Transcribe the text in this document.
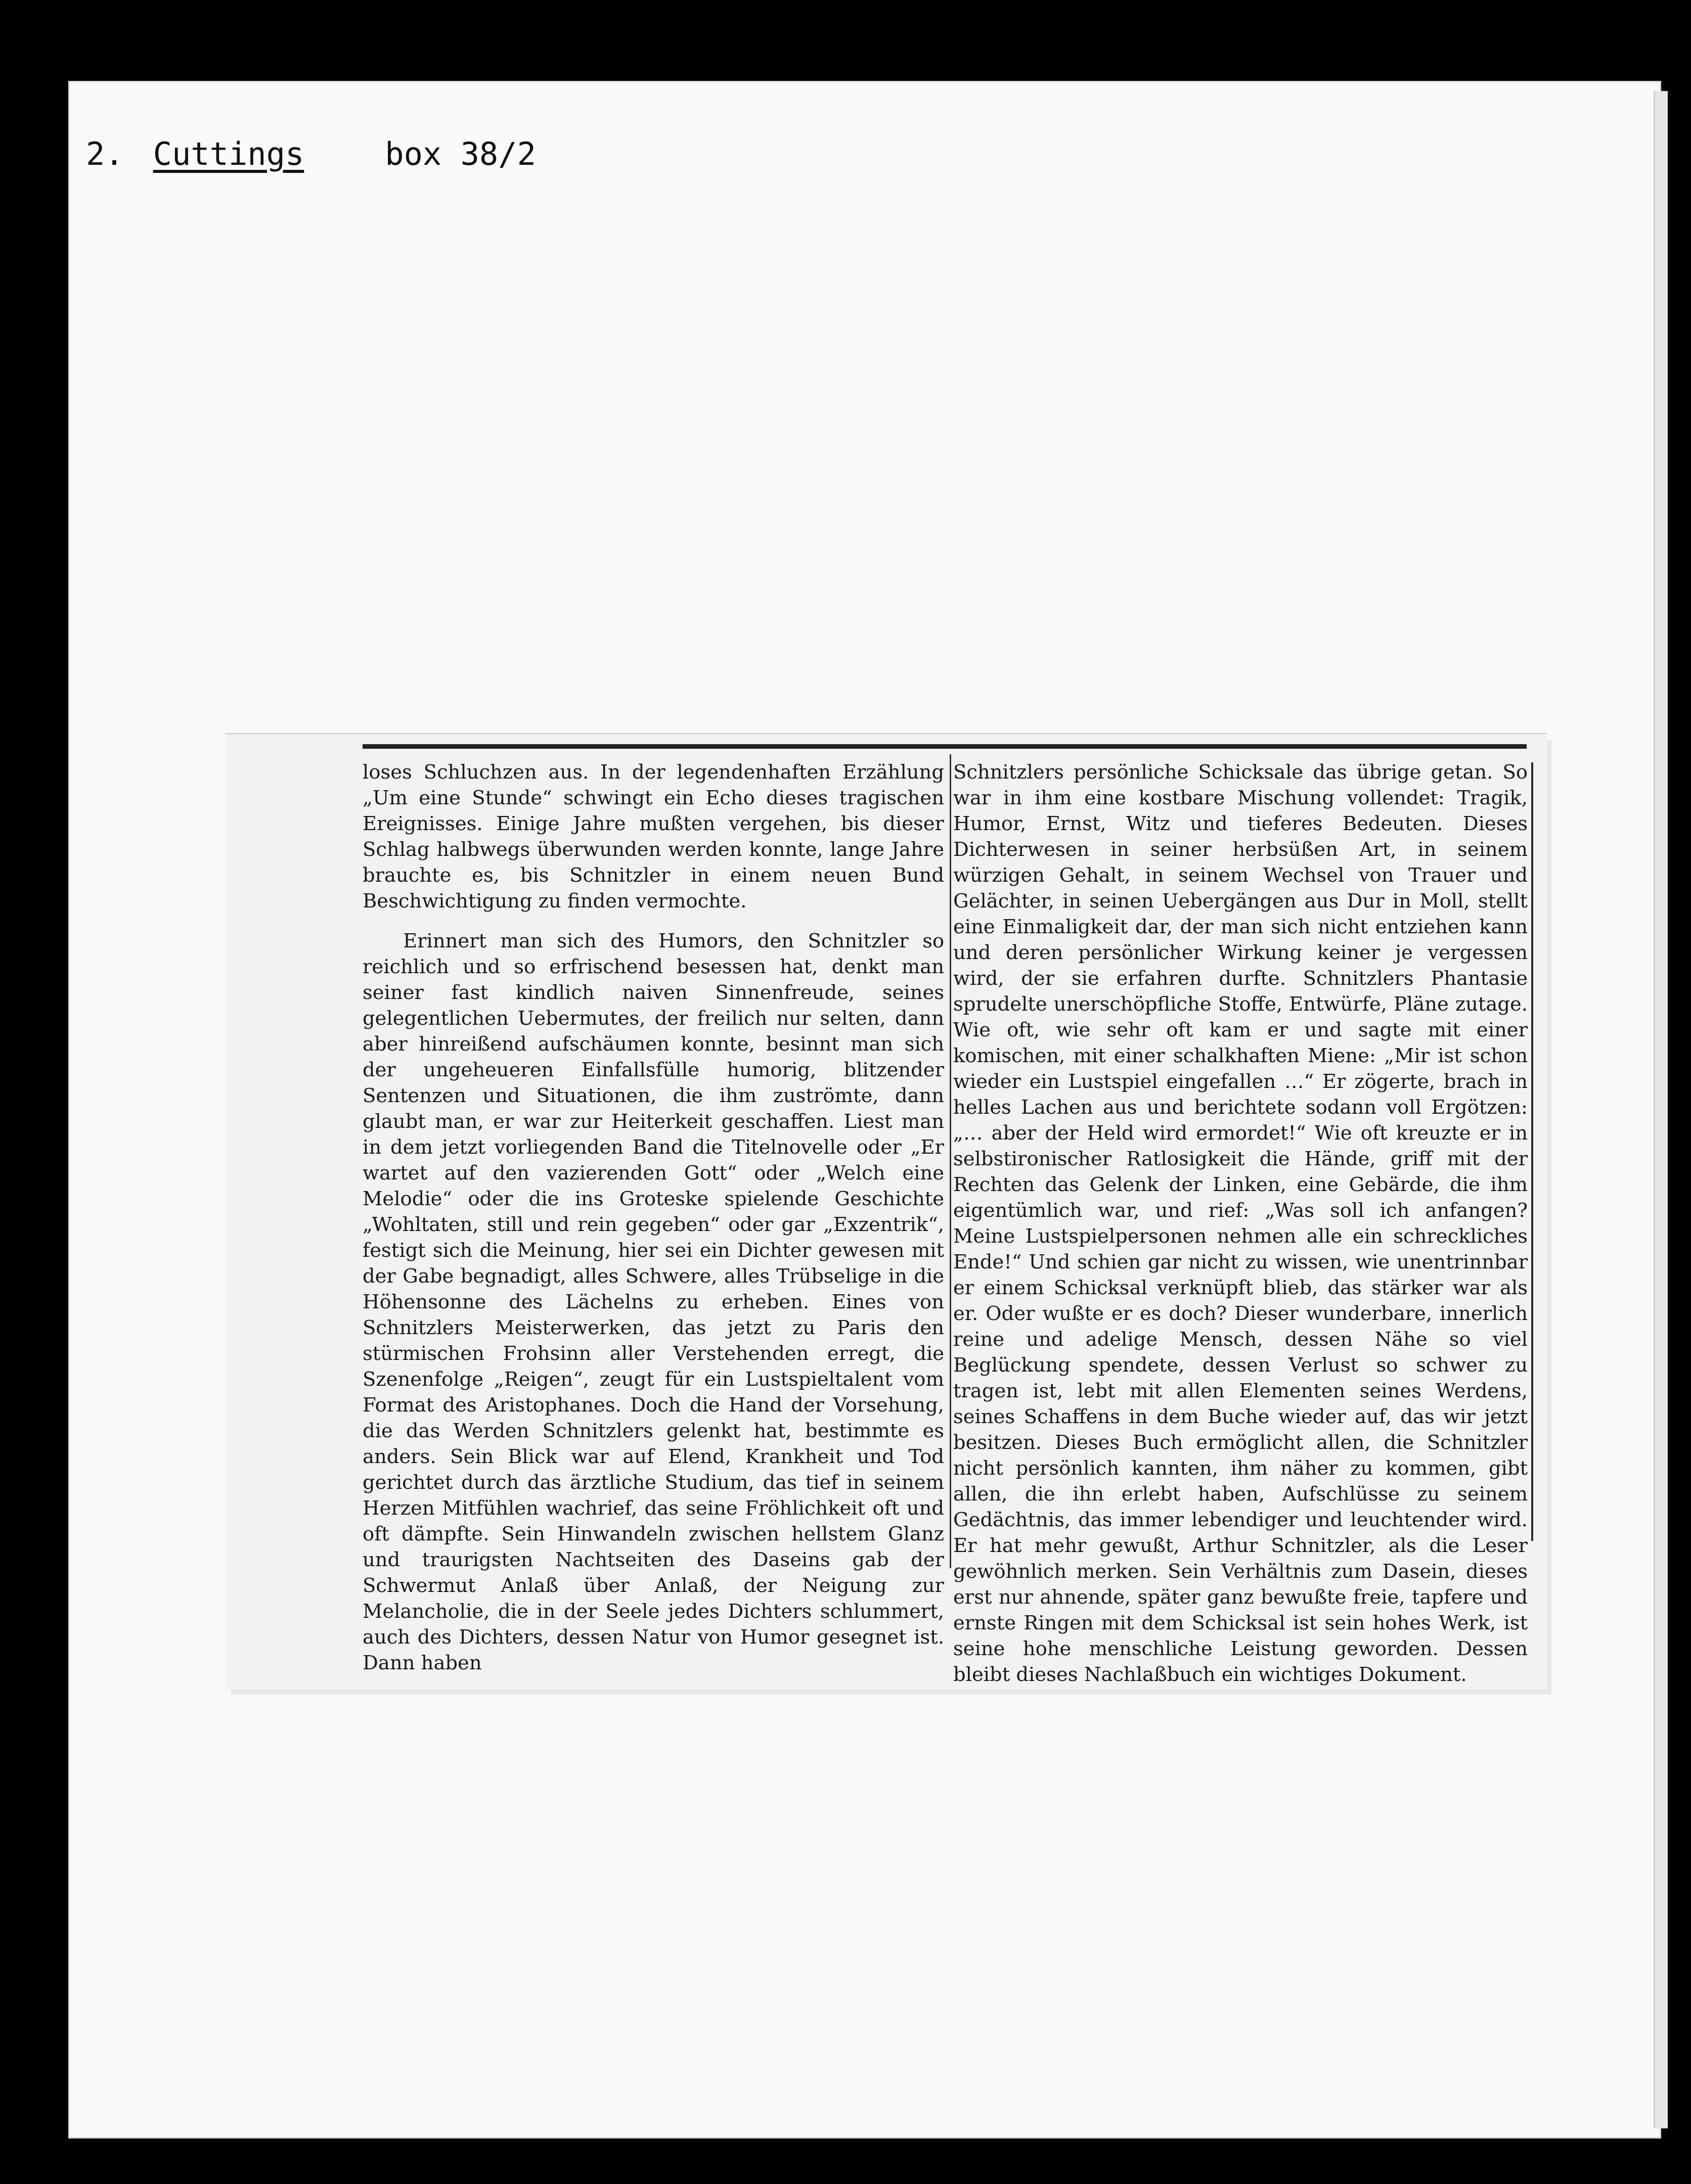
2. Cuttings	box 38/2

loses Schluchzen aus. In der legendenhaften Erzählung „Um eine Stunde“ schwingt ein Echo dieses tragischen Ereignisses. Einige Jahre mußten vergehen, bis dieser Schlag halbwegs überwunden werden konnte, lange Jahre brauchte es, bis Schnitzler in einem neuen Bund Beschwichtigung zu finden vermochte.

Erinnert man sich des Humors, den Schnitzler so reichlich und so erfrischend besessen hat, denkt man seiner fast kindlich naiven Sinnenfreude, seines gelegentlichen Uebermutes, der freilich nur selten, dann aber hinreißend aufschäumen konnte, besinnt man sich der ungeheueren Einfallsfülle humorig, blitzender Sentenzen und Situationen, die ihm zuströmte, dann glaubt man, er war zur Heiterkeit geschaffen. Liest man in dem jetzt vorliegenden Band die Titelnovelle oder „Er wartet auf den vazierenden Gott“ oder „Welch eine Melodie“ oder die ins Groteske spielende Geschichte „Wohltaten, still und rein gegeben“ oder gar „Exzentrik“, festigt sich die Meinung, hier sei ein Dichter gewesen mit der Gabe begnadigt, alles Schwere, alles Trübselige in die Höhensonne des Lächelns zu erheben. Eines von Schnitzlers Meisterwerken, das jetzt zu Paris den stürmischen Frohsinn aller Verstehenden erregt, die Szenenfolge „Reigen“, zeugt für ein Lustspieltalent vom Format des Aristophanes. Doch die Hand der Vorsehung, die das Werden Schnitzlers gelenkt hat, bestimmte es anders. Sein Blick war auf Elend, Krankheit und Tod gerichtet durch das ärztliche Studium, das tief in seinem Herzen Mitfühlen wachrief, das seine Fröhlichkeit oft und oft dämpfte. Sein Hinwandeln zwischen hellstem Glanz und traurigsten Nachtseiten des Daseins gab der Schwermut Anlaß über Anlaß, der Neigung zur Melancholie, die in der Seele jedes Dichters schlummert, auch des Dichters, dessen Natur von Humor gesegnet ist. Dann haben

Schnitzlers persönliche Schicksale das übrige getan. So war in ihm eine kostbare Mischung vollendet: Tragik, Humor, Ernst, Witz und tieferes Bedeuten. Dieses Dichterwesen in seiner herbsüßen Art, in seinem würzigen Gehalt, in seinem Wechsel von Trauer und Gelächter, in seinen Uebergängen aus Dur in Moll, stellt eine Einmaligkeit dar, der man sich nicht entziehen kann und deren persönlicher Wirkung keiner je vergessen wird, der sie erfahren durfte. Schnitzlers Phantasie sprudelte unerschöpfliche Stoffe, Entwürfe, Pläne zutage. Wie oft, wie sehr oft kam er und sagte mit einer komischen, mit einer schalkhaften Miene: „Mir ist schon wieder ein Lustspiel eingefallen …“ Er zögerte, brach in helles Lachen aus und berichtete sodann voll Ergötzen: „… aber der Held wird ermordet!“ Wie oft kreuzte er in selbstironischer Ratlosigkeit die Hände, griff mit der Rechten das Gelenk der Linken, eine Gebärde, die ihm eigentümlich war, und rief: „Was soll ich anfangen? Meine Lustspielpersonen nehmen alle ein schreckliches Ende!“ Und schien gar nicht zu wissen, wie unentrinnbar er einem Schicksal verknüpft blieb, das stärker war als er. Oder wußte er es doch? Dieser wunderbare, innerlich reine und adelige Mensch, dessen Nähe so viel Beglückung spendete, dessen Verlust so schwer zu tragen ist, lebt mit allen Elementen seines Werdens, seines Schaffens in dem Buche wieder auf, das wir jetzt besitzen. Dieses Buch ermöglicht allen, die Schnitzler nicht persönlich kannten, ihm näher zu kommen, gibt allen, die ihn erlebt haben, Aufschlüsse zu seinem Gedächtnis, das immer lebendiger und leuchtender wird. Er hat mehr gewußt, Arthur Schnitzler, als die Leser gewöhnlich merken. Sein Verhältnis zum Dasein, dieses erst nur ahnende, später ganz bewußte freie, tapfere und ernste Ringen mit dem Schicksal ist sein hohes Werk, ist seine hohe menschliche Leistung geworden. Dessen bleibt dieses Nachlaßbuch ein wichtiges Dokument.
